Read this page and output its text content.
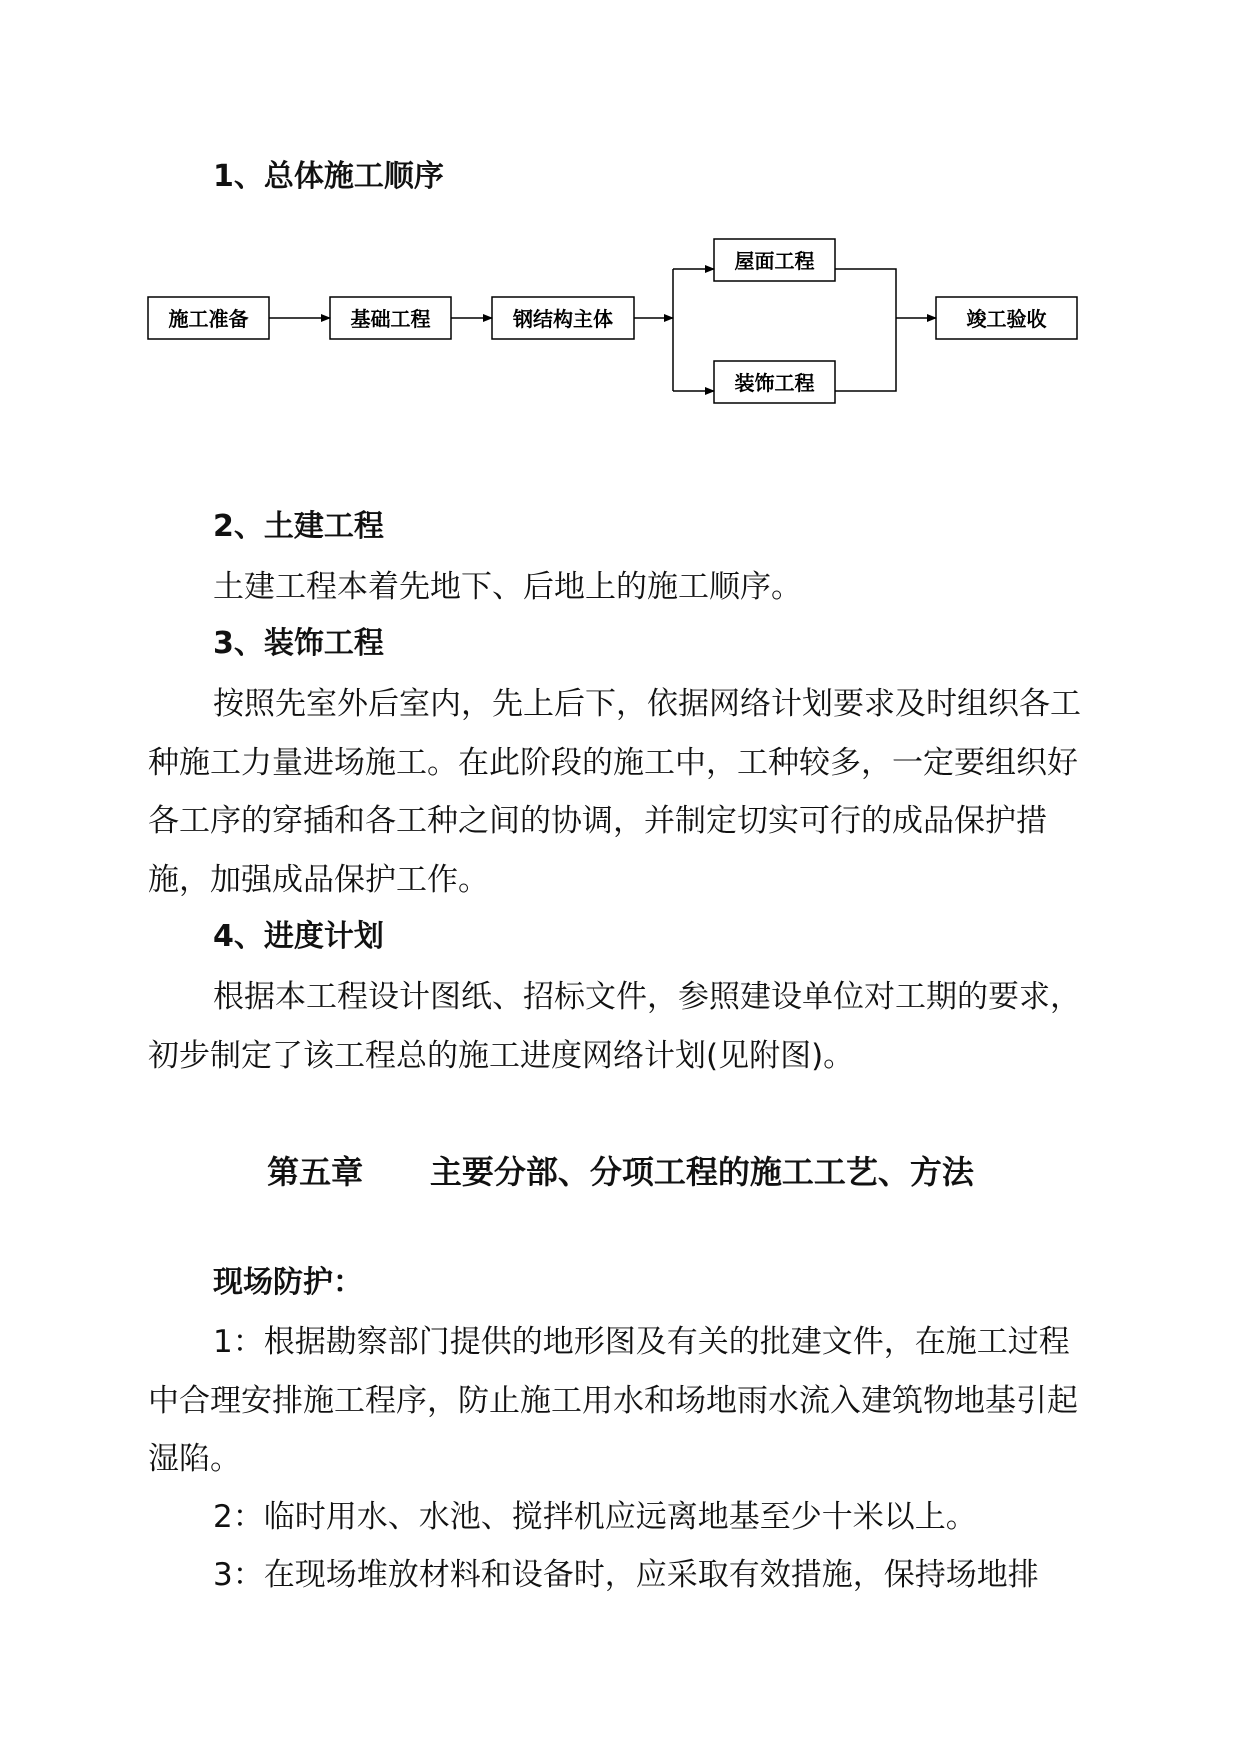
1、总体施工顺序
施工准备	基础工程	钢结构主体
屋面工程
装饰工程
竣工验收
2、土建工程

土建工程本着先地下、后地上的施工顺序。

3、装饰工程

按照先室外后室内，先上后下，依据网络计划要求及时组织各工种施工力量进场施工。在此阶段的施工中，工种较多，一定要组织好各工序的穿插和各工种之间的协调，并制定切实可行的成品保护措施，加强成品保护工作。

4、进度计划

根据本工程设计图纸、招标文件，参照建设单位对工期的要求，初步制定了该工程总的施工进度网络计划(见附图)。

第五章 主要分部、分项工程的施工工艺、方法
现场防护：

1：根据勘察部门提供的地形图及有关的批建文件，在施工过程中合理安排施工程序，防止施工用水和场地雨水流入建筑物地基引起湿陷。

2：临时用水、水池、搅拌机应远离地基至少十米以上。

3：在现场堆放材料和设备时，应采取有效措施，保持场地排
